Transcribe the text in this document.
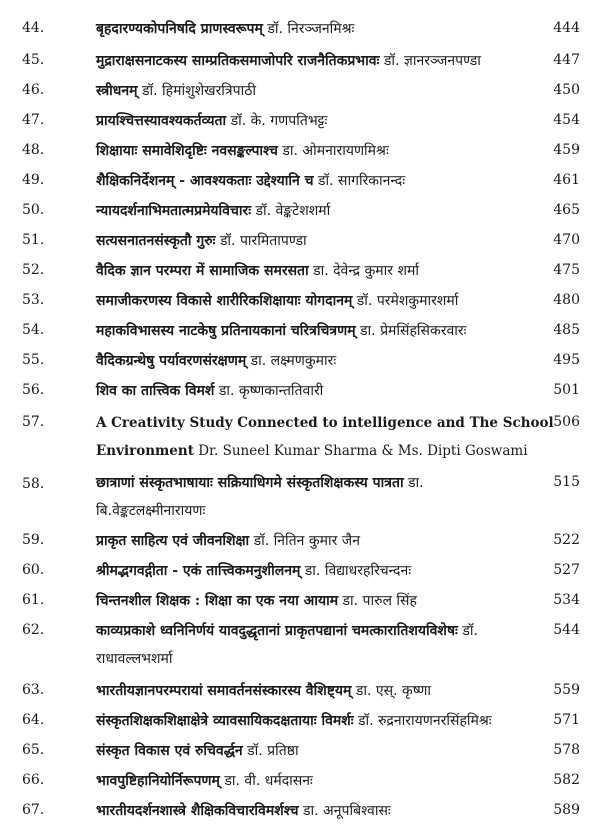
44.	बृहदारण्यकोपनिषदि प्राणस्वरूपम् डॉ. निरञ्जनमिश्रः	444
45.	मुद्राराक्षसनाटकस्य साम्प्रतिकसमाजोपरि राजनैतिकप्रभावः डॉ. ज्ञानरञ्जनपण्डा	447
46.	स्त्रीधनम् डॉ. हिमांशुशेखरत्रिपाठी	450
47.	प्रायश्चित्तस्यावश्यकर्तव्यता डॉ. के. गणपतिभट्टः	454
48.	शिक्षायाः समावेशिदृष्टिः नवसङ्कल्पाश्च डा. ओमनारायणमिश्रः	459
49.	शैक्षिकनिर्देशनम् - आवश्यकताः उद्देश्यानि च डॉ. सागरिकानन्दः	461
50.	न्यायदर्शनाभिमतात्मप्रमेयविचारः डॉ. वेङ्कटेशशर्मा	465
51.	सत्यसनातनसंस्कृतौ गुरुः डॉ. पारमितापण्डा	470
52.	वैदिक ज्ञान परम्परा में सामाजिक समरसता डा. देवेन्द्र कुमार शर्मा	475
53.	समाजीकरणस्य विकासे शारीरिकशिक्षायाः योगदानम् डॉ. परमेशकुमारशर्मा	480
54.	महाकविभासस्य नाटकेषु प्रतिनायकानां चरित्रचित्रणम् डा. प्रेमसिंहसिकरवारः	485
55.	वैदिकग्रन्थेषु पर्यावरणसंरक्षणम् डा. लक्ष्मणकुमारः	495
56.	शिव का तात्त्विक विमर्श डा. कृष्णकान्ततिवारी	501
57.	A Creativity Study Connected to intelligence and The School
Environment Dr. Suneel Kumar Sharma & Ms. Dipti Goswami
506
58.	छात्राणां संस्कृतभाषायाः सक्रियाधिगमे संस्कृतशिक्षकस्य पात्रता डा.
बि.वेङ्कटलक्ष्मीनारायणः
515
59.	प्राकृत साहित्य एवं जीवनशिक्षा डॉ. नितिन कुमार जैन	522
60.	श्रीमद्भगवद्गीता - एकं तात्त्विकमनुशीलनम् डा. विद्याधरहरिचन्दनः	527
61.	चिन्तनशील शिक्षक : शिक्षा का एक नया आयाम डा. पारुल सिंह	534
62.	काव्यप्रकाशे ध्वनिनिर्णयं यावदुद्धृतानां प्राकृतपद्यानां चमत्कारातिशयविशेषः डॉ.
राधावल्लभशर्मा
544
63.	भारतीयज्ञानपरम्परायां समावर्तनसंस्कारस्य वैशिष्ट्यम् डा. एस्. कृष्णा	559
64.	संस्कृतशिक्षकशिक्षाक्षेत्रे व्यावसायिकदक्षतायाः विमर्शः डॉ. रुद्रनारायणनरसिंहमिश्रः	571
65.	संस्कृत विकास एवं रुचिवर्द्धन डॉ. प्रतिष्ठा	578
66.	भावपुष्टिहानियोर्निरूपणम् डा. वी. धर्मदासनः	582
67.	भारतीयदर्शनशास्त्रे शैक्षिकविचारविमर्शश्च डा. अनूपबिश्वासः	589
